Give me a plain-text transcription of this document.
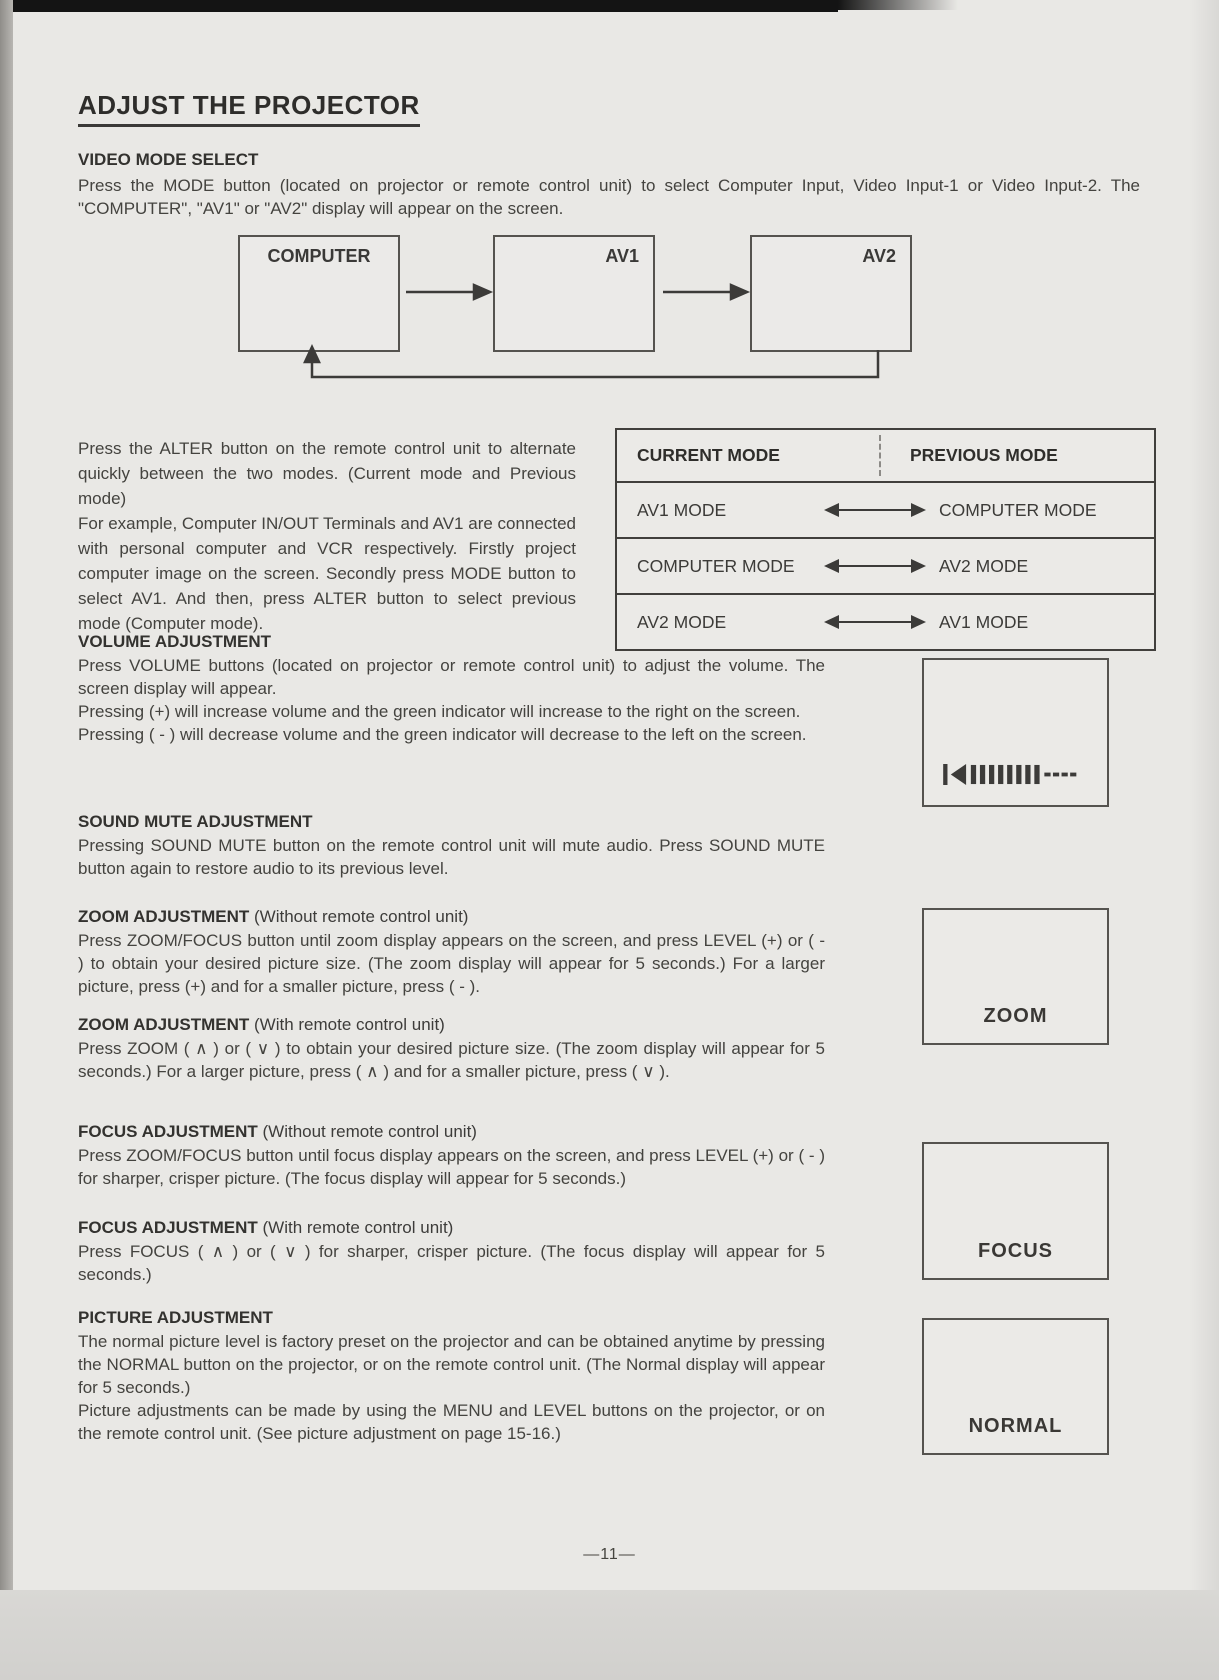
ADJUST THE PROJECTOR
VIDEO MODE SELECT
Press the MODE button (located on projector or remote control unit) to select Computer Input, Video Input-1 or Video Input-2. The "COMPUTER", "AV1" or "AV2" display will appear on the screen.
COMPUTER	AV1	AV2

Press the ALTER button on the remote control unit to alternate quickly between the two modes. (Current mode and Previous mode)

For example, Computer IN/OUT Terminals and AV1 are connected with personal computer and VCR respectively. Firstly project computer image on the screen. Secondly press MODE button to select AV1. And then, press ALTER button to select previous mode (Computer mode).

CURRENT MODE	PREVIOUS MODE
AV1 MODE	COMPUTER MODE
COMPUTER MODE	AV2 MODE
AV2 MODE	AV1 MODE
VOLUME ADJUSTMENT

Press VOLUME buttons (located on projector or remote control unit) to adjust the volume. The screen display will appear.

Pressing (+) will increase volume and the green indicator will increase to the right on the screen.

Pressing ( - ) will decrease volume and the green indicator will decrease to the left on the screen.

SOUND MUTE ADJUSTMENT

Pressing SOUND MUTE button on the remote control unit will mute audio. Press SOUND MUTE button again to restore audio to its previous level.

ZOOM ADJUSTMENT (Without remote control unit)

Press ZOOM/FOCUS button until zoom display appears on the screen, and press LEVEL (+) or ( - ) to obtain your desired picture size. (The zoom display will appear for 5 seconds.) For a larger picture, press (+) and for a smaller picture, press ( - ).

ZOOM ADJUSTMENT (With remote control unit)

Press ZOOM ( ∧ ) or ( ∨ ) to obtain your desired picture size. (The zoom display will appear for 5 seconds.) For a larger picture, press ( ∧ ) and for a smaller picture, press ( ∨ ).

FOCUS ADJUSTMENT (Without remote control unit)

Press ZOOM/FOCUS button until focus display appears on the screen, and press LEVEL (+) or ( - ) for sharper, crisper picture. (The focus display will appear for 5 seconds.)

FOCUS ADJUSTMENT (With remote control unit)

Press FOCUS ( ∧ ) or ( ∨ ) for sharper, crisper picture. (The focus display will appear for 5 seconds.)

PICTURE ADJUSTMENT

The normal picture level is factory preset on the projector and can be obtained anytime by pressing the NORMAL button on the projector, or on the remote control unit. (The Normal display will appear for 5 seconds.)

Picture adjustments can be made by using the MENU and LEVEL buttons on the projector, or on the remote control unit. (See picture adjustment on page 15-16.)

ZOOM
FOCUS
NORMAL
—11—
